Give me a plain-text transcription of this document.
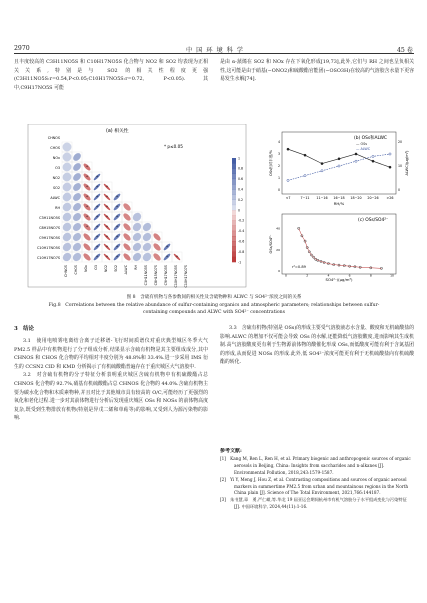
2970	中 国 环 境 科 学	45 卷
且丰度较高的 C3H11NO5S 和 C10H17NO5S 化合物与 NO2 和 SO2 均表现为正相关关系,特别是与 SO2 的相关性程度更强(C3H11NO5S:r=0.54,P<0.05;C10H17NO5S:r=0.72, P<0.05).其中,C9H17NO5S 可能
是由 α-蒎烯在 SO2 和 NOx 存在下氧化形成[19,73],此外,它们与 RH 之间也呈负相关性,这可能是由于硝基(−ONO2)和硫酸酯官能团(−OSO3H)在较高的气溶胶含水量下更容易发生水解[74].
(a) 相关性
* p≤0.05
CHNOS
CHOS
NOx
O3
NO2
SO2
ALWC
RH
C3H11NO5S
C8H15NO7S
C9H17NO5S
C10H17NO5S
C10H17NO7S
CHNOS CHOS NOx O3 NO2 SO2 ALWC RH C3H11NO5S C8H15NO7S C9H17NO5S C10H17NO5S C10H17NO7S
*
*	*
*	*	*
*	*	*	*
*	*	*	*
*	*	*	*
*	*	*	*
*	*	*
*	*	*	*
*	*	*	*	*
1
0.8
0.6
0.4
0.2
0
-0.2
-0.4
-0.6
-0.8
-1
(b) OSs和ALWC
<7	7~11 11~16 16~18 18~20 20~26 >26
RH/%
OSs相对丰度/%	ALWC/(µg/m³)
0
1
2
3
4
0
10
20
— OSs
— ALWC
(c) OSs/SO4²⁻
r²=0.89
SO4²⁻/(µg/m³)
OSs/SO4²⁻
0	2	4	6	8	10
0
20
40
图 8　含硫有机物与各参数间的相关性及含硫物种和 ALWC 与 SO4²⁻浓度之间的关系
Fig.8　Correlations between the relative abundance of sulfur-containing organics and atmospheric parameters; relationships between sulfur-containing compounds and ALWC with SO4²⁻ concentrations
3　结论

3.1　使用电喷雾电离结合离子迁移谱-飞行时间质谱仪对重庆典型城区冬季大气 PM2.5 样品中有机物进行了分子组成分析,结果显示含硫有机物是其主要组成成分,其中 CHNOS 和 CHOS 化合物的平均相对丰度分别为 48.8%和 33.4%.进一步采用 IMS 衍生的 CCSN2 CID 和 KMD 分析揭示了有机硫酸酯普遍存在于重庆城区大气溶胶中.

3.2　对含硫有机物的分子特征分析表明重庆城区含硫有机物中有机硫酸酯占总 CHNOS 化合物的 92.7%,硝基有机硫酸酯占总 CHNOS 化合物的 44.0%.含硫有机物主要为碳水化合物和木质素物种,并且对比于其他城市具有较高的 O/C,可能经历了更强烈的氧化和老化过程.进一步对其前体物进行分析后发现重庆城区 OSs 和 NOSs 的前体物高度复杂,既受到生物排放有机物(特别是异戊二烯和单萜等)的影响,又受到人为源污染物的影响.

3.3　含硫有机物(特别是 OSs)的形成主要受气溶胶液态水含量、酸度和无机硫酸盐的影响.ALWC 的增加不仅可能会导致 OSs 的水解,还能降低气溶胶酸度,进而影响其生成机制.高气溶胶酸度更有利于生物源前体物的酸催化形成 OSs,而低酸度可能有利于含氮基团的形成,从而促进 NOSs 的形成.此外,低 SO4²⁻浓度可能更有利于无机硫酸盐向有机硫酸酯的转化.

参考文献:
[1]　Kang M, Ren L, Ren H, et al. Primary biogenic and anthropogenic sources of organic aerosols in Beijing, China: Insights from saccharides and n-alkanes [J]. Environmental Pollution, 2018,243:1579-1587.
[2]　Yi Y, Meng J, Hou Z, et al. Contrasting compositions and sources of organic aerosol markers in summertime PM2.5 from urban and mountainous regions in the North China plain [J]. Science of The Total Environment, 2021,766:144187.
[3]　朱书慧,章　勇,严仁嵘,等.华北 19 届亚运会期间杭州市有机气溶胶分子水平组成变化与污染特征 [J]. 中国环境科学, 2024,44(11):1-16.
